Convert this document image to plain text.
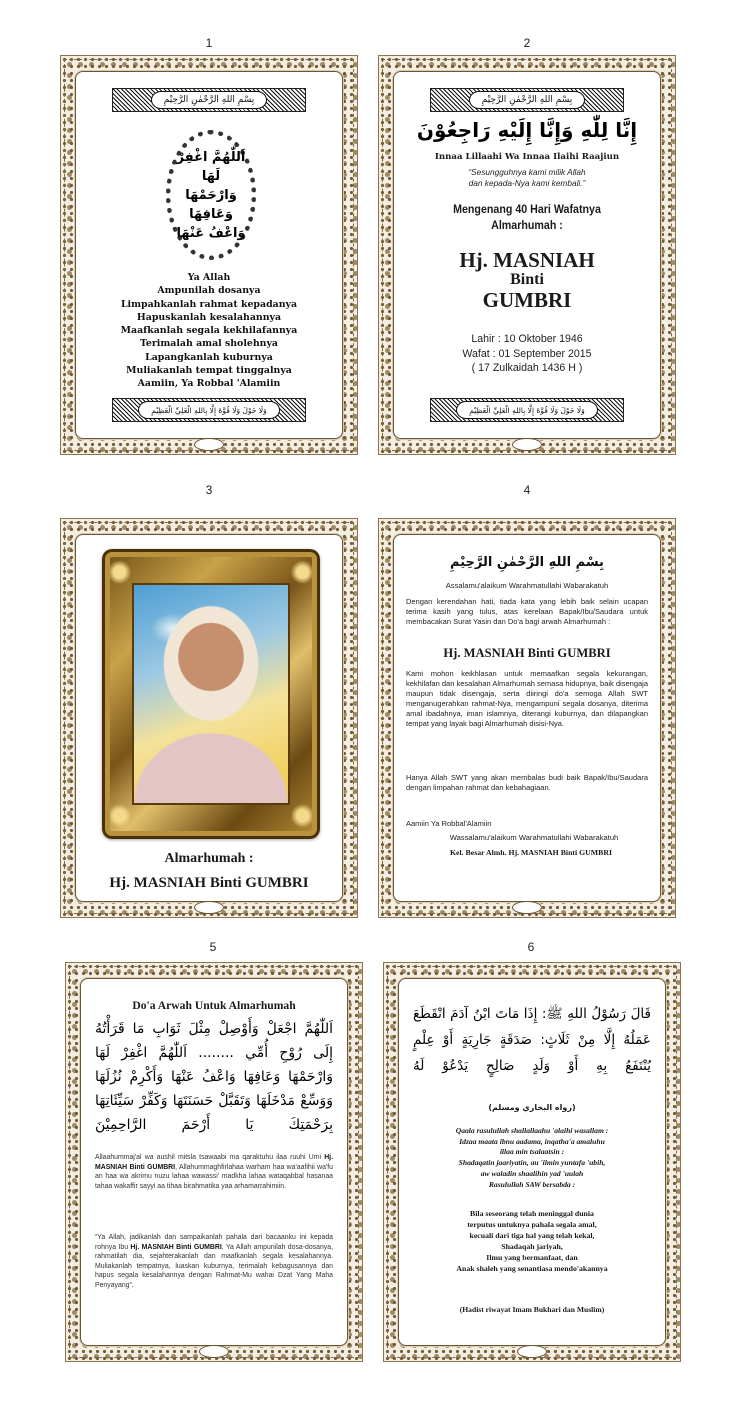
1
بِسْمِ اللهِ الرَّحْمٰنِ الرَّحِيْمِ
اَللّٰهُمَّ اغْفِرْ لَهَا وَارْحَمْهَا وَعَافِهَا وَاعْفُ عَنْهَا
Ya Allah
Ampunilah dosanya
Limpahkanlah rahmat kepadanya
Hapuskanlah kesalahannya
Maafkanlah segala kekhilafannya
Terimalah amal sholehnya
Lapangkanlah kuburnya
Muliakanlah tempat tinggalnya
Aamiin, Ya Robbal 'Alamiin
وَلَا حَوْلَ وَلَا قُوَّةَ إِلَّا بِاللهِ الْعَلِيِّ الْعَظِيْمِ
2
بِسْمِ اللهِ الرَّحْمٰنِ الرَّحِيْمِ
إِنَّا لِلّٰهِ وَإِنَّا إِلَيْهِ رَاجِعُوْنَ
Innaa Lillaahi Wa Innaa Ilaihi Raajiun
“Sesungguhnya kami milik Allah
dan kepada-Nya kami kembali.”
Mengenang 40 Hari Wafatnya
Almarhumah :
Hj. MASNIAH
Binti
GUMBRI
Lahir : 10 Oktober 1946
Wafat : 01 September 2015
( 17 Zulkaidah 1436 H )
وَلَا حَوْلَ وَلَا قُوَّةَ إِلَّا بِاللهِ الْعَلِيِّ الْعَظِيْمِ
3
Almarhumah :
Hj. MASNIAH Binti GUMBRI
4
بِسْمِ اللهِ الرَّحْمٰنِ الرَّحِيْمِ
Assalamu'alaikum Warahmatullahi Wabarakatuh
Dengan kerendahan hati, tiada kata yang lebih baik selain ucapan terima kasih yang tulus, atas kerelaan Bapak/Ibu/Saudara untuk membacakan Surat Yasin dan Do'a bagi arwah Almarhumah :
Hj. MASNIAH Binti GUMBRI
Kami mohon keikhlasan untuk memaafkan segala kekurangan, kekhilafan dan kesalahan Almarhumah semasa hidupnya, baik disengaja maupun tidak disengaja, serta diiringi do'a semoga Allah SWT menganugerahkan rahmat-Nya, mengampuni segala dosanya, diterima amal ibadahnya, iman islamnya, diterangi kuburnya, dan dilapangkan tempat yang layak bagi Almarhumah disisi-Nya.
Hanya Allah SWT yang akan membalas budi baik Bapak/Ibu/Saudara dengan limpahan rahmat dan kebahagiaan.
Aamiin Ya Robbal'Alamiin
Wassalamu'alaikum Warahmatullahi Wabarakatuh
Kel. Besar Almh. Hj. MASNIAH Binti GUMBRI
5
Do'a Arwah Untuk Almarhumah
اَللّٰهُمَّ اجْعَلْ وَأَوْصِلْ مِثْلَ ثَوَابِ مَا قَرَأْتُهُ إِلَى رُوْحِ أُمِّي ........ اَللّٰهُمَّ اغْفِرْ لَهَا وَارْحَمْهَا وَعَافِهَا وَاعْفُ عَنْهَا وَأَكْرِمْ نُزُلَهَا وَوَسِّعْ مَدْخَلَهَا وَتَقَبَّلْ حَسَنَتَهَا وَكَفِّرْ سَيِّئَاتِهَا بِرَحْمَتِكَ يَا أَرْحَمَ الرَّاحِمِيْنَ
Allaahummaj'al wa aushil mitsla tsawaabi ma qaraktuhu ilaa ruuhi Umi Hj. MASNIAH Binti GUMBRI, Allahummaghfirlahaa warham haa wa'aafihii wa'fu an haa wa akrimu nuzu lahaa wawassi' madkha lahaa wataqabbal hasanaa tahaa wakaffir sayyi aa tihaa birahmatika yaa arhamarrahimiin.
“Ya Allah, jadikanlah dan sampaikanlah pahala dari bacaanku ini kepada rohnya Ibu Hj. MASNIAH Binti GUMBRI, Ya Allah ampunilah dosa-dosanya, rahmatilah dia, sejahterakanlah dan maafkanlah segala kesalahannya. Muliakanlah tempatnya, luaskan kuburnya, terimalah kebagusannya dan hapus segala kesalahannya dengan Rahmat-Mu wahai Dzat Yang Maha Penyayang”.
6
قَالَ رَسُوْلُ اللهِ ﷺ: إِذَا مَاتَ ابْنُ آدَمَ انْقَطَعَ عَمَلُهُ إِلَّا مِنْ ثَلَاثٍ: صَدَقَةٍ جَارِيَةٍ أَوْ عِلْمٍ يُنْتَفَعُ بِهِ أَوْ وَلَدٍ صَالِحٍ يَدْعُوْ لَهُ
(رواه البخاري ومسلم)
Qaala rasulullah shallallaahu 'alaihi wasallam :
Idzaa maata ibnu aadama, inqatha'a amaluhu
illaa min tsalaatsin :
Shadaqatin jaariyatin, au 'ilmin yuntafa 'ubih,
aw waladin shaalihin yad 'uulah
Rasulullah SAW bersabda :
Bila seseorang telah meninggal dunia
terputus untuknya pahala segala amal,
kecuali dari tiga hal yang telah kekal,
Shadaqah jariyah,
Ilmu yang bermanfaat, dan
Anak shaleh yang senantiasa mendo'akannya
(Hadist riwayat Imam Bukhari dan Muslim)
